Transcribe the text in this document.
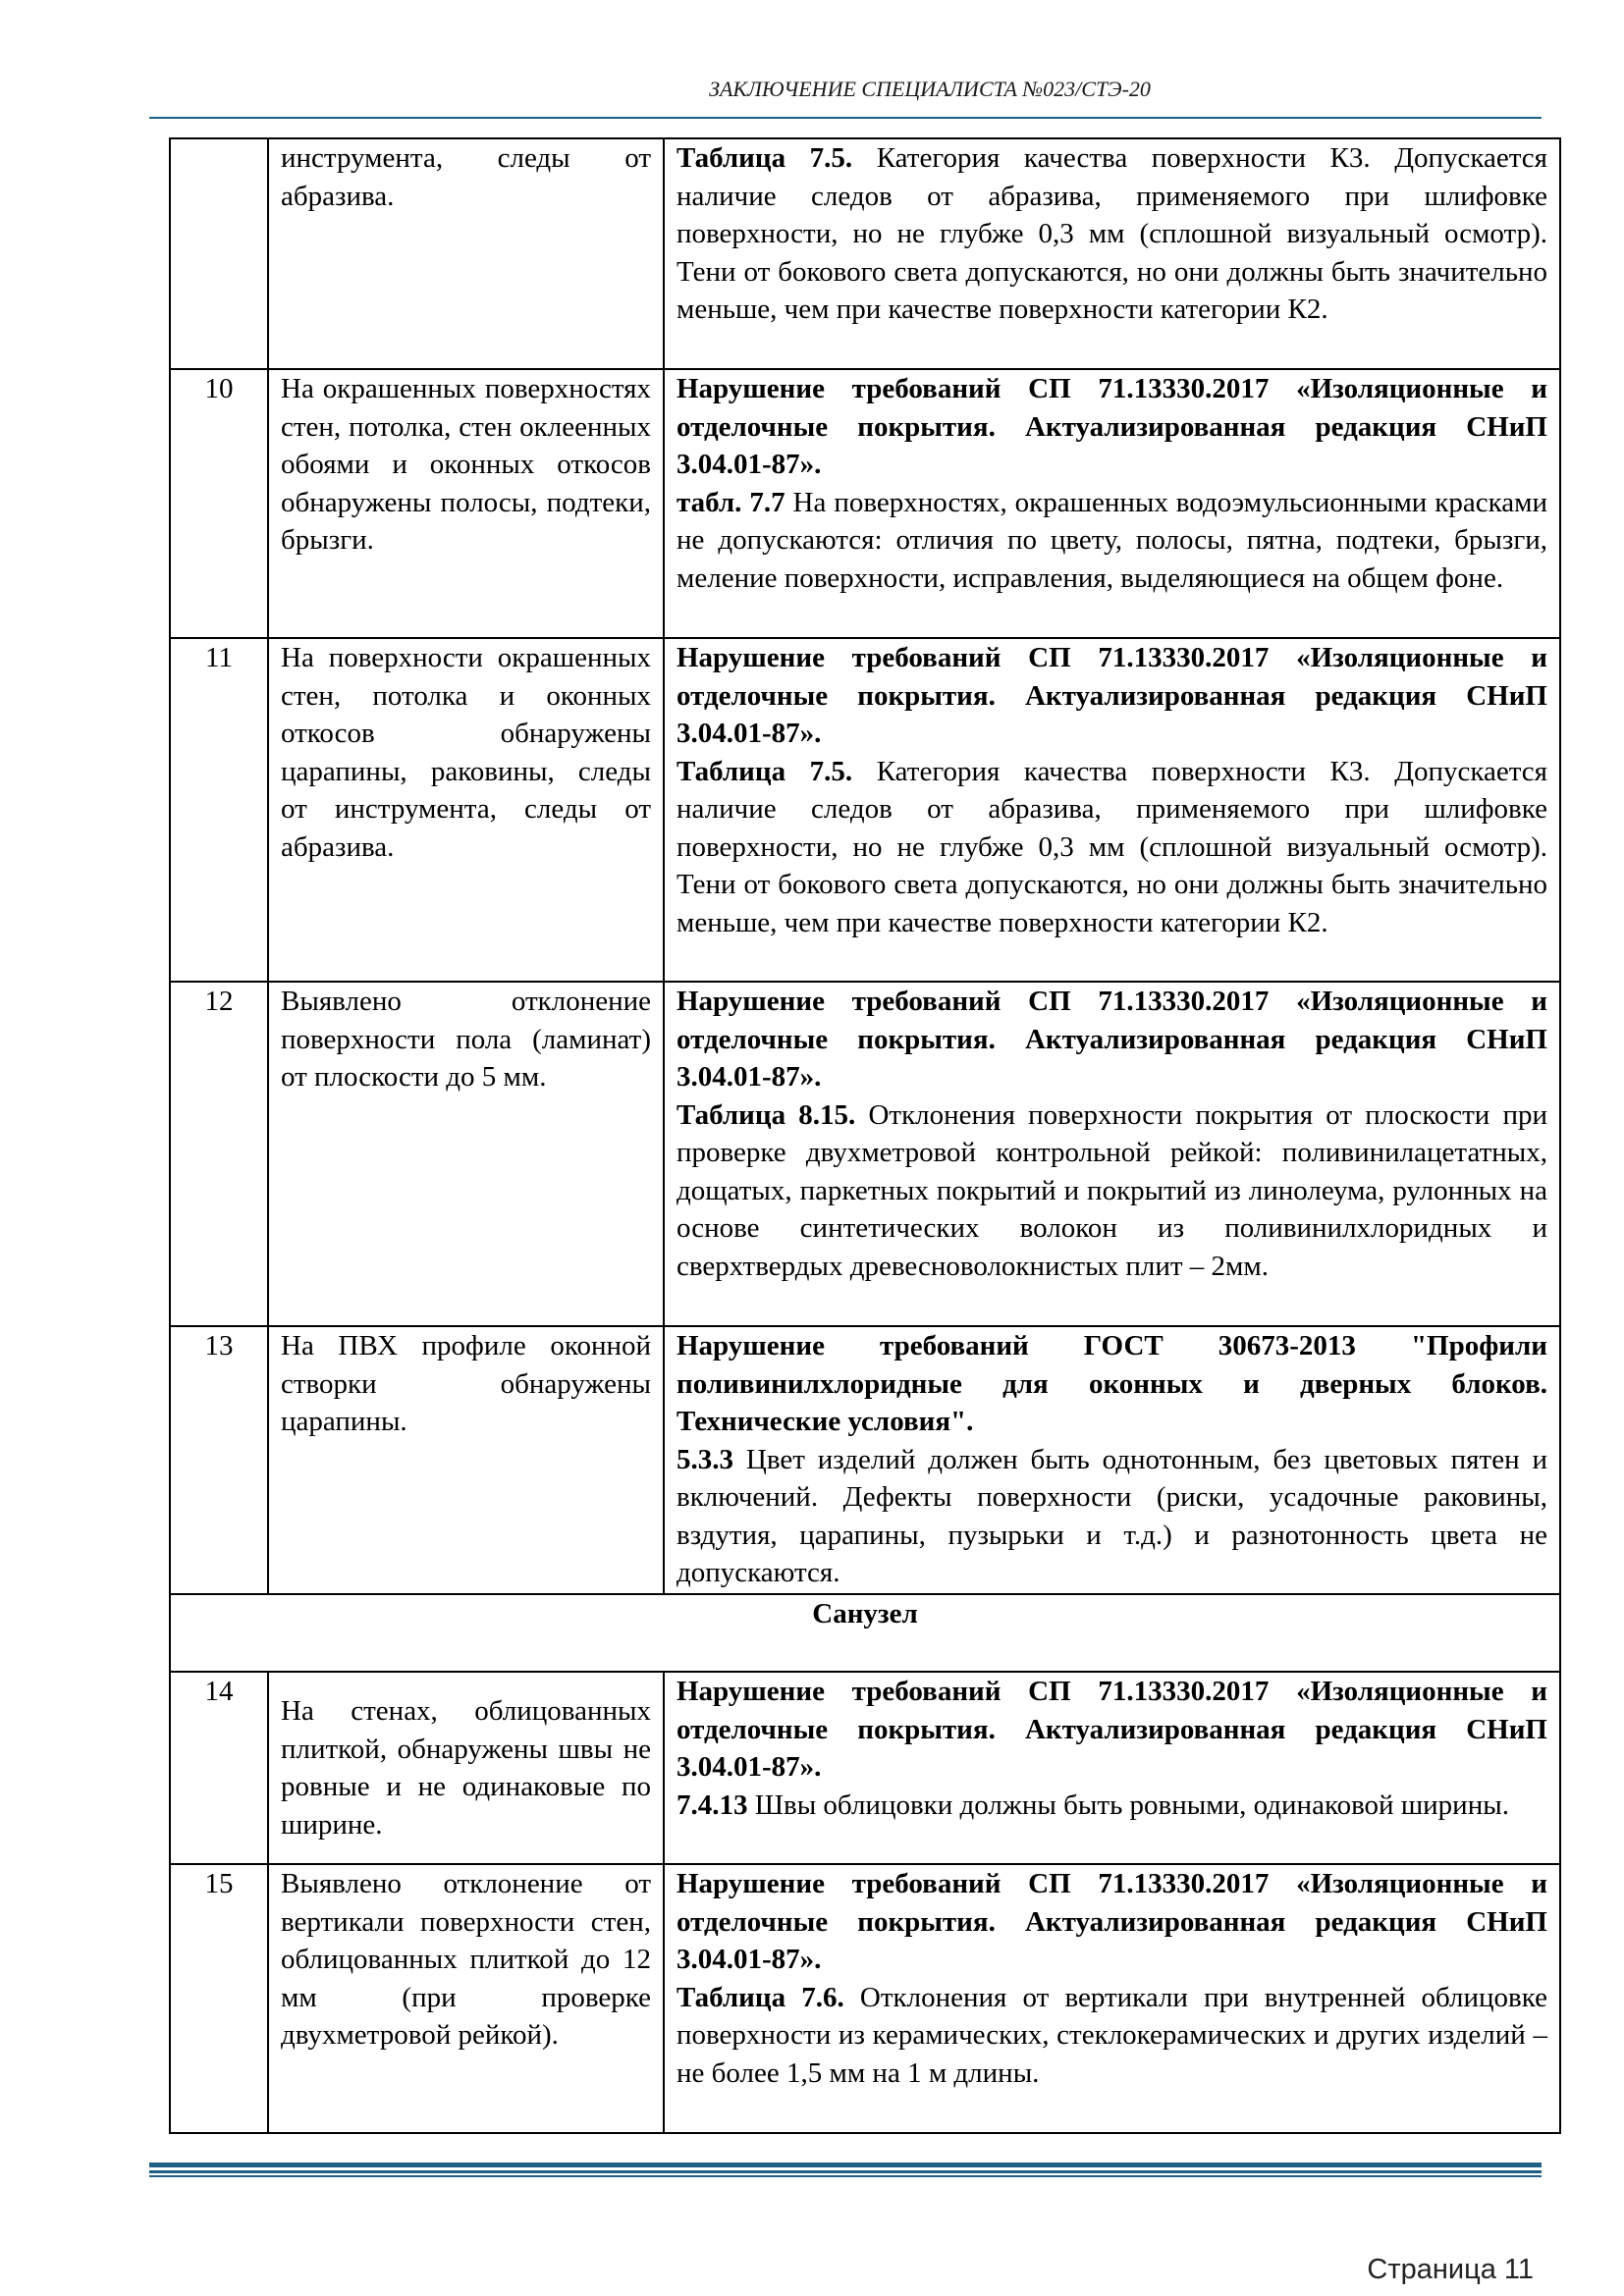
ЗАКЛЮЧЕНИЕ СПЕЦИАЛИСТА №023/СТЭ-20
	инструмента, следы от абразива.	Таблица 7.5. Категория качества поверхности К3. Допускается наличие следов от абразива, применяемого при шлифовке поверхности, но не глубже 0,3 мм (сплошной визуальный осмотр). Тени от бокового света допускаются, но они должны быть значительно меньше, чем при качестве поверхности категории К2.
10	На окрашенных поверхностях стен, потолка, стен оклеенных обоями и оконных откосов обнаружены полосы, подтеки, брызги.	Нарушение требований СП 71.13330.2017 «Изоляционные и отделочные покрытия. Актуализированная редакция СНиП 3.04.01-87».
табл. 7.7 На поверхностях, окрашенных водоэмульсионными красками не допускаются: отличия по цвету, полосы, пятна, подтеки, брызги, меление поверхности, исправления, выделяющиеся на общем фоне.
11	На поверхности окрашенных стен, потолка и оконных откосов обнаружены царапины, раковины, следы от инструмента, следы от абразива.	Нарушение требований СП 71.13330.2017 «Изоляционные и отделочные покрытия. Актуализированная редакция СНиП 3.04.01-87».
Таблица 7.5. Категория качества поверхности К3. Допускается наличие следов от абразива, применяемого при шлифовке поверхности, но не глубже 0,3 мм (сплошной визуальный осмотр). Тени от бокового света допускаются, но они должны быть значительно меньше, чем при качестве поверхности категории К2.
12	Выявлено отклонение поверхности пола (ламинат) от плоскости до 5 мм.	Нарушение требований СП 71.13330.2017 «Изоляционные и отделочные покрытия. Актуализированная редакция СНиП 3.04.01-87».
Таблица 8.15. Отклонения поверхности покрытия от плоскости при проверке двухметровой контрольной рейкой: поливинилацетатных, дощатых, паркетных покрытий и покрытий из линолеума, рулонных на основе синтетических волокон из поливинилхлоридных и сверхтвердых древесноволокнистых плит – 2мм.
13	На ПВХ профиле оконной створки обнаружены царапины.	Нарушение требований ГОСТ 30673-2013 "Профили поливинилхлоридные для оконных и дверных блоков. Технические условия".
5.3.3 Цвет изделий должен быть однотонным, без цветовых пятен и включений. Дефекты поверхности (риски, усадочные раковины, вздутия, царапины, пузырьки и т.д.) и разнотонность цвета не допускаются.
Санузел		
14	На стенах, облицованных плиткой, обнаружены швы не ровные и не одинаковые по ширине.	Нарушение требований СП 71.13330.2017 «Изоляционные и отделочные покрытия. Актуализированная редакция СНиП 3.04.01-87».
7.4.13 Швы облицовки должны быть ровными, одинаковой ширины.
15	Выявлено отклонение от вертикали поверхности стен, облицованных плиткой до 12 мм (при проверке двухметровой рейкой).	Нарушение требований СП 71.13330.2017 «Изоляционные и отделочные покрытия. Актуализированная редакция СНиП 3.04.01-87».
Таблица 7.6. Отклонения от вертикали при внутренней облицовке поверхности из керамических, стеклокерамических и других изделий – не более 1,5 мм на 1 м длины.
Страница 11
